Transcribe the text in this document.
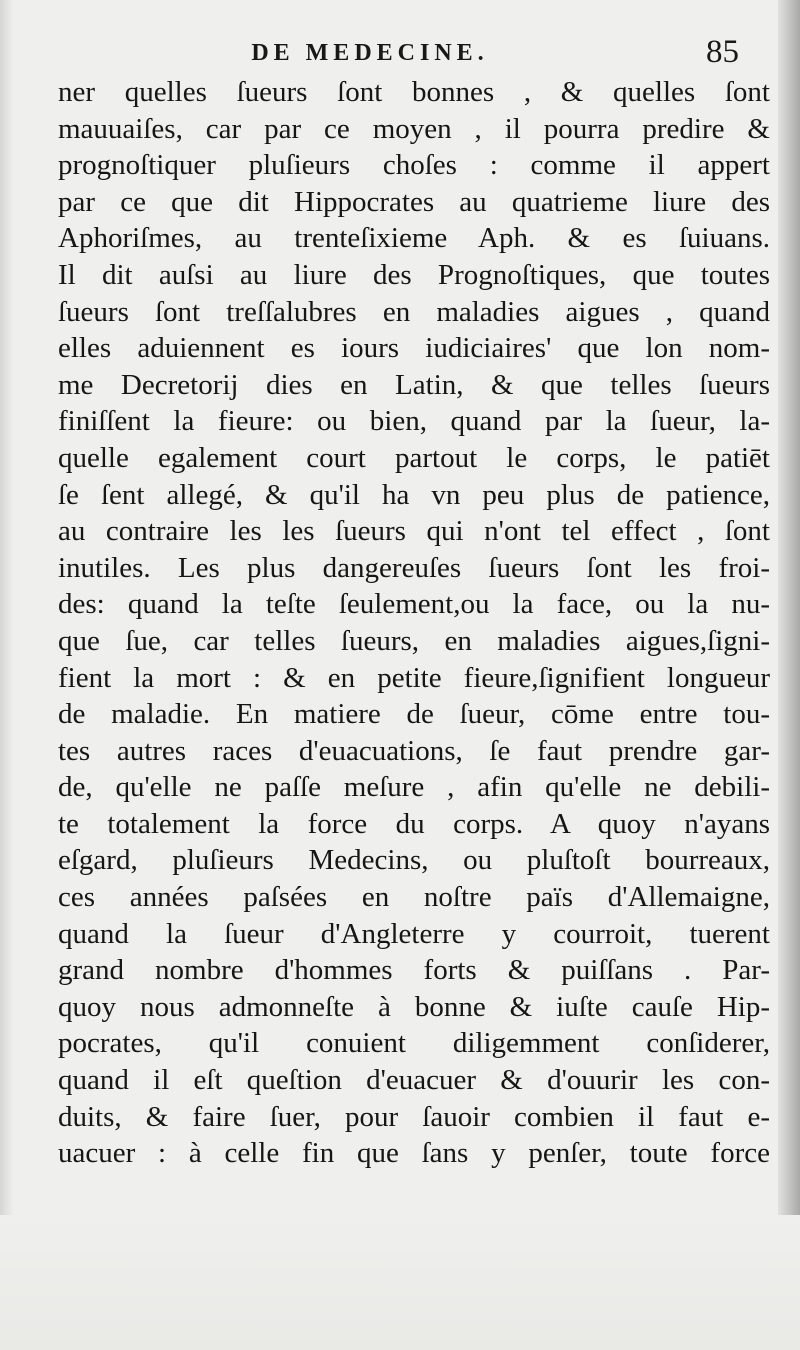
DE MEDECINE.	85
ner quelles ſueurs ſont bonnes , & quelles ſont
mauuaiſes, car par ce moyen , il pourra predire &
prognoſtiquer pluſieurs choſes : comme il appert
par ce que dit Hippocrates au quatrieme liure des
Aphoriſmes, au trenteſixieme Aph. & es ſuiuans.
Il dit auſsi au liure des Prognoſtiques, que toutes
ſueurs ſont treſſalubres en maladies aigues , quand
elles aduiennent es iours iudiciaires' que lon nom-
me Decretorij dies en Latin, & que telles ſueurs
finiſſent la fieure: ou bien, quand par la ſueur, la-
quelle egalement court partout le corps, le patiēt
ſe ſent allegé, & qu'il ha vn peu plus de patience,
au contraire les les ſueurs qui n'ont tel effect , ſont
inutiles. Les plus dangereuſes ſueurs ſont les froi-
des: quand la teſte ſeulement,ou la face, ou la nu-
que ſue, car telles ſueurs, en maladies aigues,ſigni-
fient la mort : & en petite fieure,ſignifient longueur
de maladie. En matiere de ſueur, cōme entre tou-
tes autres races d'euacuations, ſe faut prendre gar-
de, qu'elle ne paſſe meſure , afin qu'elle ne debili-
te totalement la force du corps. A quoy n'ayans
eſgard, pluſieurs Medecins, ou pluſtoſt bourreaux,
ces années paſsées en noſtre païs d'Allemaigne,
quand la ſueur d'Angleterre y courroit, tuerent
grand nombre d'hommes forts & puiſſans . Par-
quoy nous admonneſte à bonne & iuſte cauſe Hip-
pocrates, qu'il conuient diligemment conſiderer,
quand il eſt queſtion d'euacuer & d'ouurir les con-
duits, & faire ſuer, pour ſauoir combien il faut e-
uacuer : à celle fin que ſans y penſer, toute force
